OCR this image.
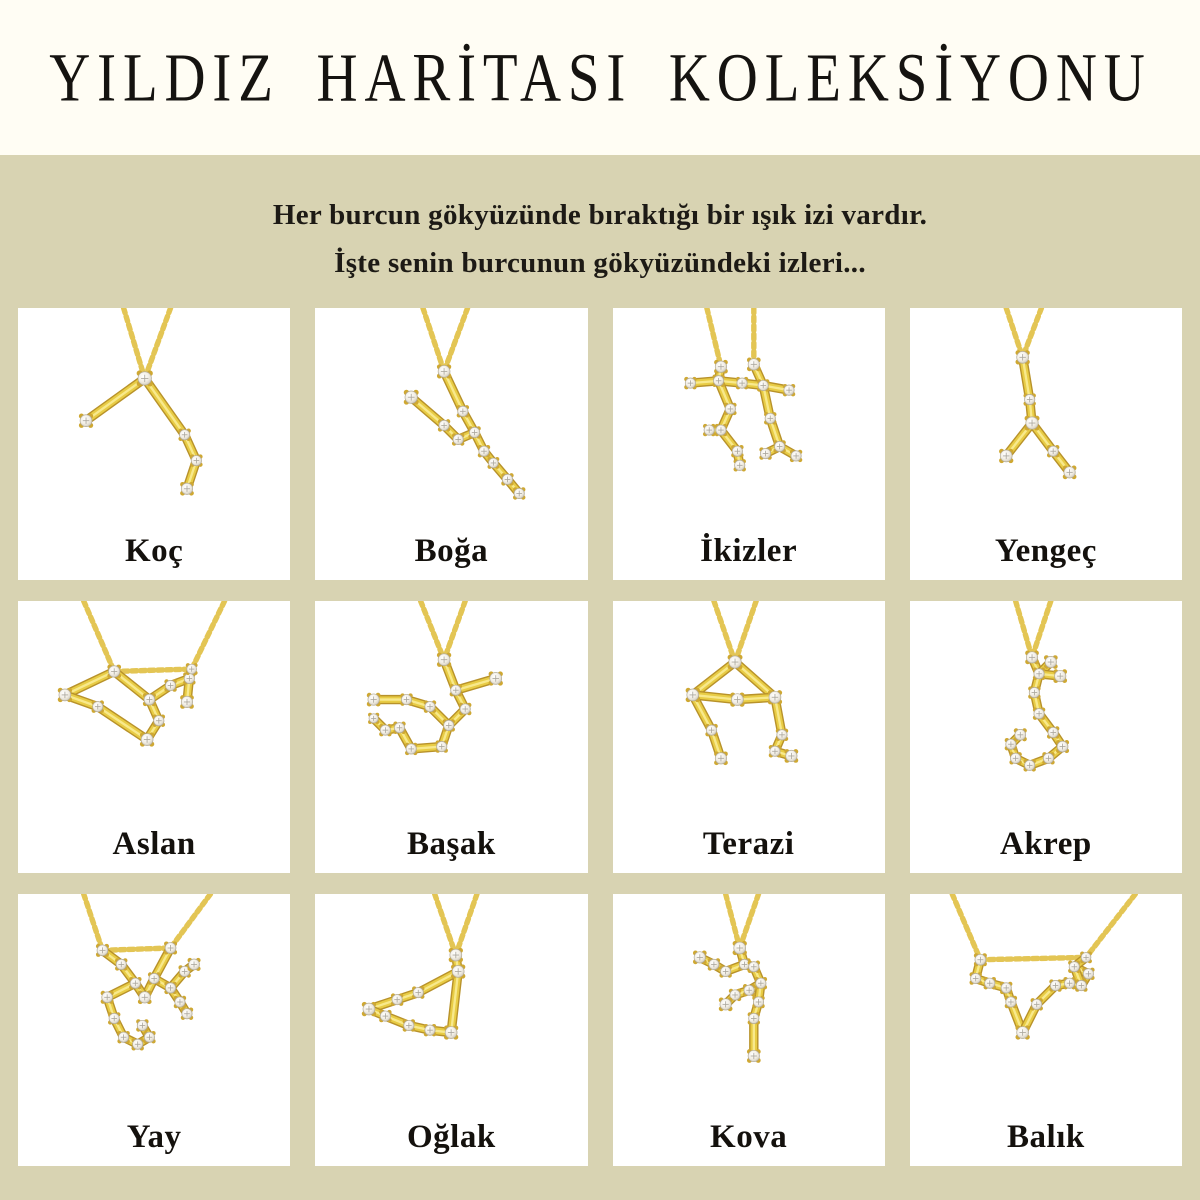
YILDIZ HARİTASI KOLEKSİYONU

Her burcun gökyüzünde bıraktığı bir ışık izi vardır.

İşte senin burcunun gökyüzündeki izleri...

Koç	Boğa	İkizler	Yengeç
Aslan	Başak	Terazi	Akrep
Yay	Oğlak	Kova	Balık
